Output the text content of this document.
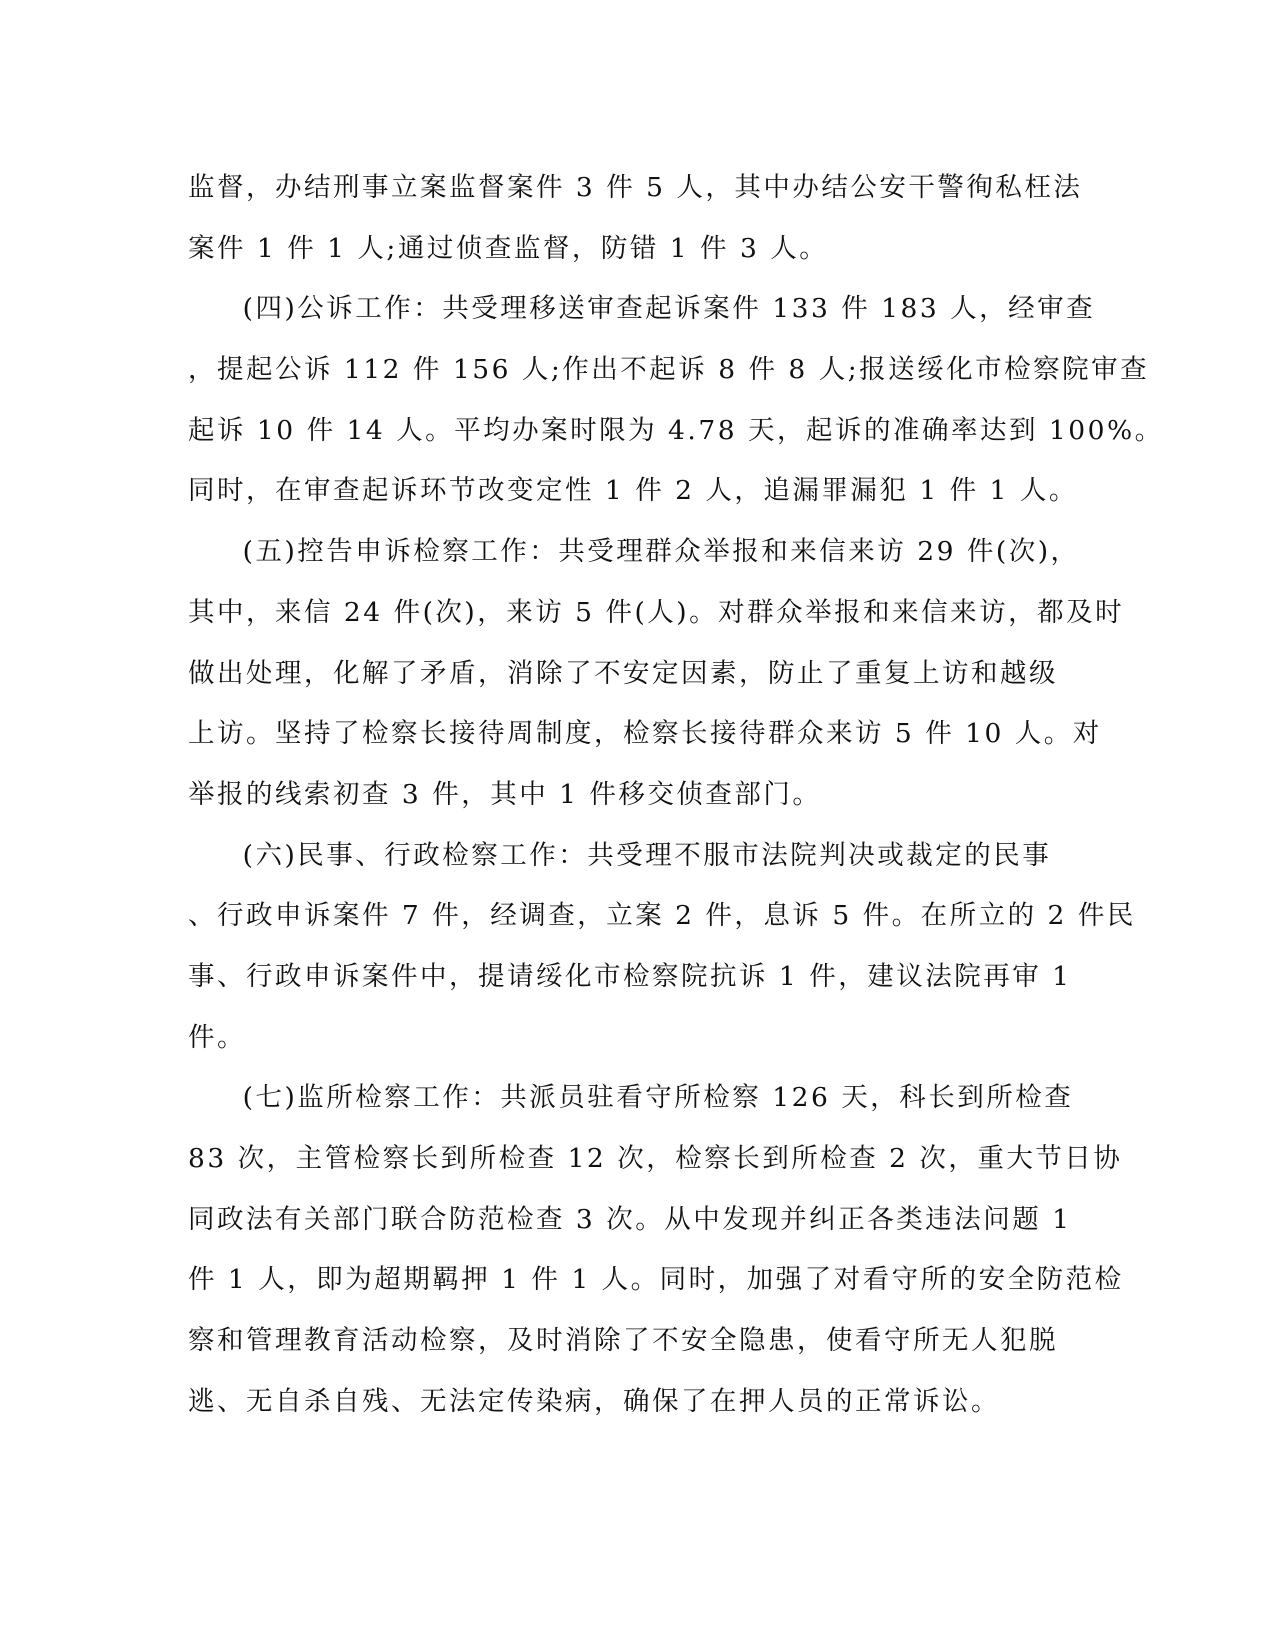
监督，办结刑事立案监督案件 3 件 5 人，其中办结公安干警徇私枉法
案件 1 件 1 人;通过侦查监督，防错 1 件 3 人。
(四)公诉工作：共受理移送审查起诉案件 133 件 183 人，经审查
，提起公诉 112 件 156 人;作出不起诉 8 件 8 人;报送绥化市检察院审查
起诉 10 件 14 人。平均办案时限为 4.78 天，起诉的准确率达到 100%。
同时，在审查起诉环节改变定性 1 件 2 人，追漏罪漏犯 1 件 1 人。
(五)控告申诉检察工作：共受理群众举报和来信来访 29 件(次)，
其中，来信 24 件(次)，来访 5 件(人)。对群众举报和来信来访，都及时
做出处理，化解了矛盾，消除了不安定因素，防止了重复上访和越级
上访。坚持了检察长接待周制度，检察长接待群众来访 5 件 10 人。对
举报的线索初查 3 件，其中 1 件移交侦查部门。
(六)民事、行政检察工作：共受理不服市法院判决或裁定的民事
、行政申诉案件 7 件，经调查，立案 2 件，息诉 5 件。在所立的 2 件民
事、行政申诉案件中，提请绥化市检察院抗诉 1 件，建议法院再审 1
件。
(七)监所检察工作：共派员驻看守所检察 126 天，科长到所检查
83 次，主管检察长到所检查 12 次，检察长到所检查 2 次，重大节日协
同政法有关部门联合防范检查 3 次。从中发现并纠正各类违法问题 1
件 1 人，即为超期羁押 1 件 1 人。同时，加强了对看守所的安全防范检
察和管理教育活动检察，及时消除了不安全隐患，使看守所无人犯脱
逃、无自杀自残、无法定传染病，确保了在押人员的正常诉讼。
